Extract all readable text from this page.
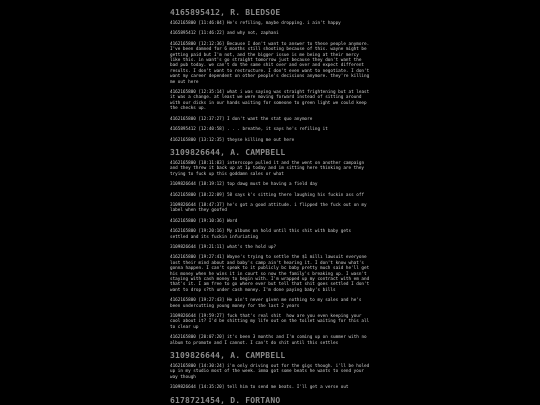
4165895412, R. BLEDSOE
4162165800 [11:46:04] He's refiling, maybe dropping. i ain't happy
4165895412 [11:46:22] and why not, zaphani
4162165800 [12:12:36] Because I don't want to answer to these people anymore. I've been damned for 6 months still shooting because of this. wayne might be getting paid but I'm not, and the bigger issue is me being at their mercy like this. in want's go straight tomorrow just because they don't want the bad pub today. we can't do the same shit over and over and expect different results. I don't want to restructure. I don't even want to negotiate. I don't want my career dependent on other people's decisions anymore. they're killing me out here
4162165800 [12:35:14] what i was saying was straight frightening but at least it was a change. at least we were moving forward instead of sitting around with our dicks in our hands waiting for someone to green light we could keep the checks up.
4162165800 [12:37:27] I don't want the stat quo anymore
4165895412 [12:40:58] . . . breathe, it says he's refiling it
4162165800 [13:12:35] theyse killing me out here
3109826644, A. CAMPBELL
4162165800 [18:11:03] interscope pulled it and the went on another campaign and they threw it back up at 1p today and im sitting here thinking are they trying to fuck up this goddamn sales or what
3109826644 [18:19:12] top dawg must be having a field day
4162165800 [18:22:09] 58 says k's sitting there laughing his fuckin ass off
3109826644 [18:47:37] he's got a good attitude. i flipped the fuck out on my label when they goofed
4162165800 [19:10:36] Word
4162165800 [19:20:16] My albums on hold until this shit with baby gets settled and its fuckin infuriating
3109826644 [19:21:11] what's the hold up?
4162165800 [19:27:41] Wayne's trying to settle the $1 millı lawsuit everyone lost their mind about and baby's camp ain't hearing it. I don't know what's gonna happen. I can't speak to it publicly bc baby pretty much said he'll get his money when he wins it in court so now the family's breaking up. I wasn't staying with cash money to begin with. I'm wrapped up my contract with em and that's it. I am free to go where ever but tell that shit goes settled I don't want to drop s?th under cash money. I'm done paying baby's bills
4162165800 [19:27:43] He ain't never given me nothing to my sales and he's been undercutting young money for the last 2 years
3109826644 [19:59:27] fuck that's real shit  how are you even keeping your cool about it? I'd be shitting my life out on the toilet waiting for this all to clear up
4162165800 [20:07:20] it's been 3 months and I'm coming up on summer with no album to promote and I cannot. I can't do shit until this settles
3109826644, A. CAMPBELL
4162165800 [14:30:24] i'm only driving out for the gigs though. i'll be holed up in my studio most of the week. imma got some beats he wants to send your way though
3109826644 [14:35:20] tell him to send me beats. I'll get a verse out
6178721454, D. FORTANO
